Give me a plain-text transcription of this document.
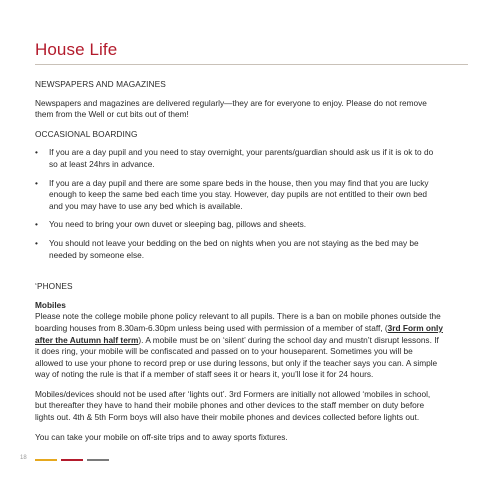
House Life
NEWSPAPERS AND MAGAZINES
Newspapers and magazines are delivered regularly—they are for everyone to enjoy. Please do not remove them from the Well or cut bits out of them!
OCCASIONAL BOARDING
• If you are a day pupil and you need to stay overnight, your parents/guardian should ask us if it is ok to do so at least 24hrs in advance.
• If you are a day pupil and there are some spare beds in the house, then you may find that you are lucky enough to keep the same bed each time you stay. However, day pupils are not entitled to their own bed and you may have to use any bed which is available.
• You need to bring your own duvet or sleeping bag, pillows and sheets.
• You should not leave your bedding on the bed on nights when you are not staying as the bed may be needed by someone else.
‘PHONES
Mobiles
Please note the college mobile phone policy relevant to all pupils. There is a ban on mobile phones outside the boarding houses from 8.30am-6.30pm unless being used with permission of a member of staff, (3rd Form only after the Autumn half term). A mobile must be on ‘silent’ during the school day and mustn’t disrupt lessons. If it does ring, your mobile will be confiscated and passed on to your houseparent. Sometimes you will be allowed to use your phone to record prep or use during lessons, but only if the teacher says you can. A simple way of noting the rule is that if a member of staff sees it or hears it, you’ll lose it for 24 hours.
Mobiles/devices should not be used after ‘lights out’. 3rd Formers are initially not allowed ‘mobiles in school, but thereafter they have to hand their mobile phones and other devices to the staff member on duty before lights out. 4th & 5th Form boys will also have their mobile phones and devices collected before lights out.
You can take your mobile on off-site trips and to away sports fixtures.
18
